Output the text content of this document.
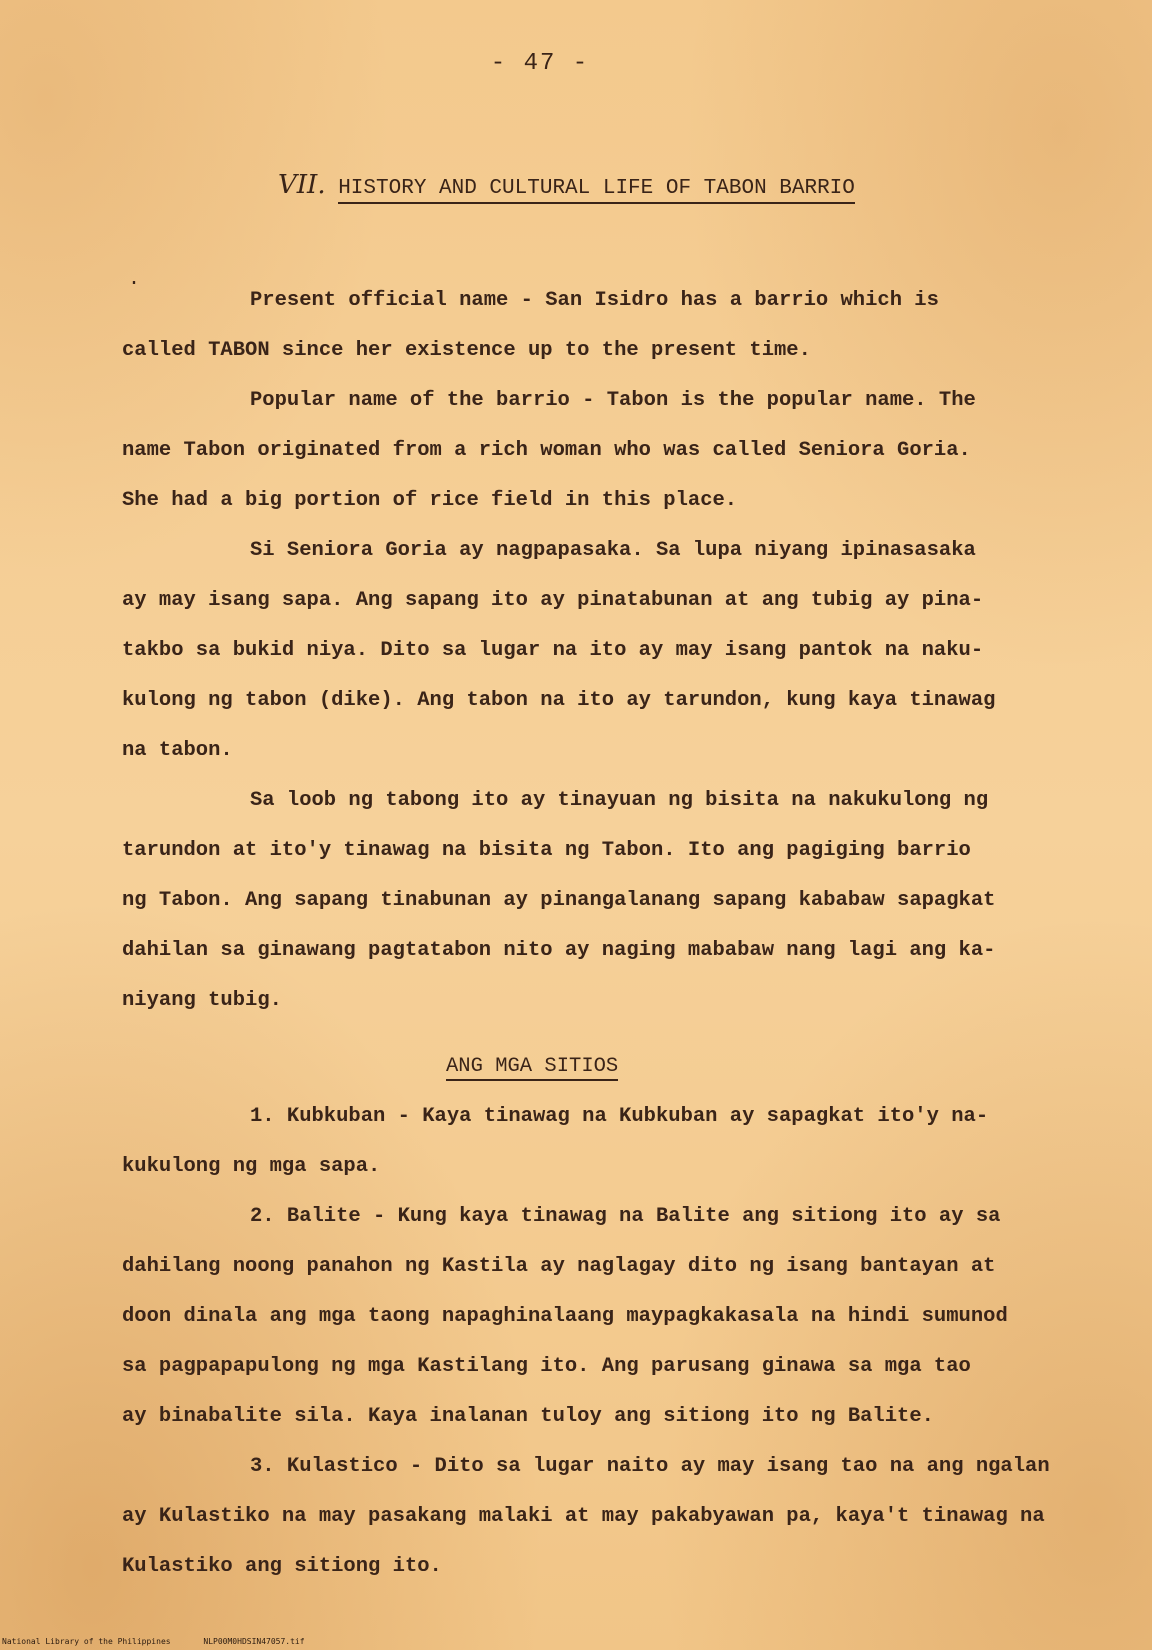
- 47 -
VII. HISTORY AND CULTURAL LIFE OF TABON BARRIO
.

Present official name - San Isidro has a barrio which is
called TABON since her existence up to the present time.

Popular name of the barrio - Tabon is the popular name. The
name Tabon originated from a rich woman who was called Seniora Goria.
She had a big portion of rice field in this place.

Si Seniora Goria ay nagpapasaka. Sa lupa niyang ipinasasaka
ay may isang sapa. Ang sapang ito ay pinatabunan at ang tubig ay pina-
takbo sa bukid niya. Dito sa lugar na ito ay may isang pantok na naku-
kulong ng tabon (dike). Ang tabon na ito ay tarundon, kung kaya tinawag
na tabon.

Sa loob ng tabong ito ay tinayuan ng bisita na nakukulong ng
tarundon at ito'y tinawag na bisita ng Tabon. Ito ang pagiging barrio
ng Tabon. Ang sapang tinabunan ay pinangalanang sapang kababaw sapagkat
dahilan sa ginawang pagtatabon nito ay naging mababaw nang lagi ang ka-
niyang tubig.

ANG MGA SITIOS

1. Kubkuban - Kaya tinawag na Kubkuban ay sapagkat ito'y na-
kukulong ng mga sapa.

2. Balite - Kung kaya tinawag na Balite ang sitiong ito ay sa
dahilang noong panahon ng Kastila ay naglagay dito ng isang bantayan at
doon dinala ang mga taong napaghinalaang maypagkakasala na hindi sumunod
sa pagpapapulong ng mga Kastilang ito. Ang parusang ginawa sa mga tao
ay binabalite sila. Kaya inalanan tuloy ang sitiong ito ng Balite.

3. Kulastico - Dito sa lugar naito ay may isang tao na ang ngalan
ay Kulastiko na may pasakang malaki at may pakabyawan pa, kaya't tinawag na
Kulastiko ang sitiong ito.

National Library of the Philippines	NLP00M0HDSIN47057.tif
